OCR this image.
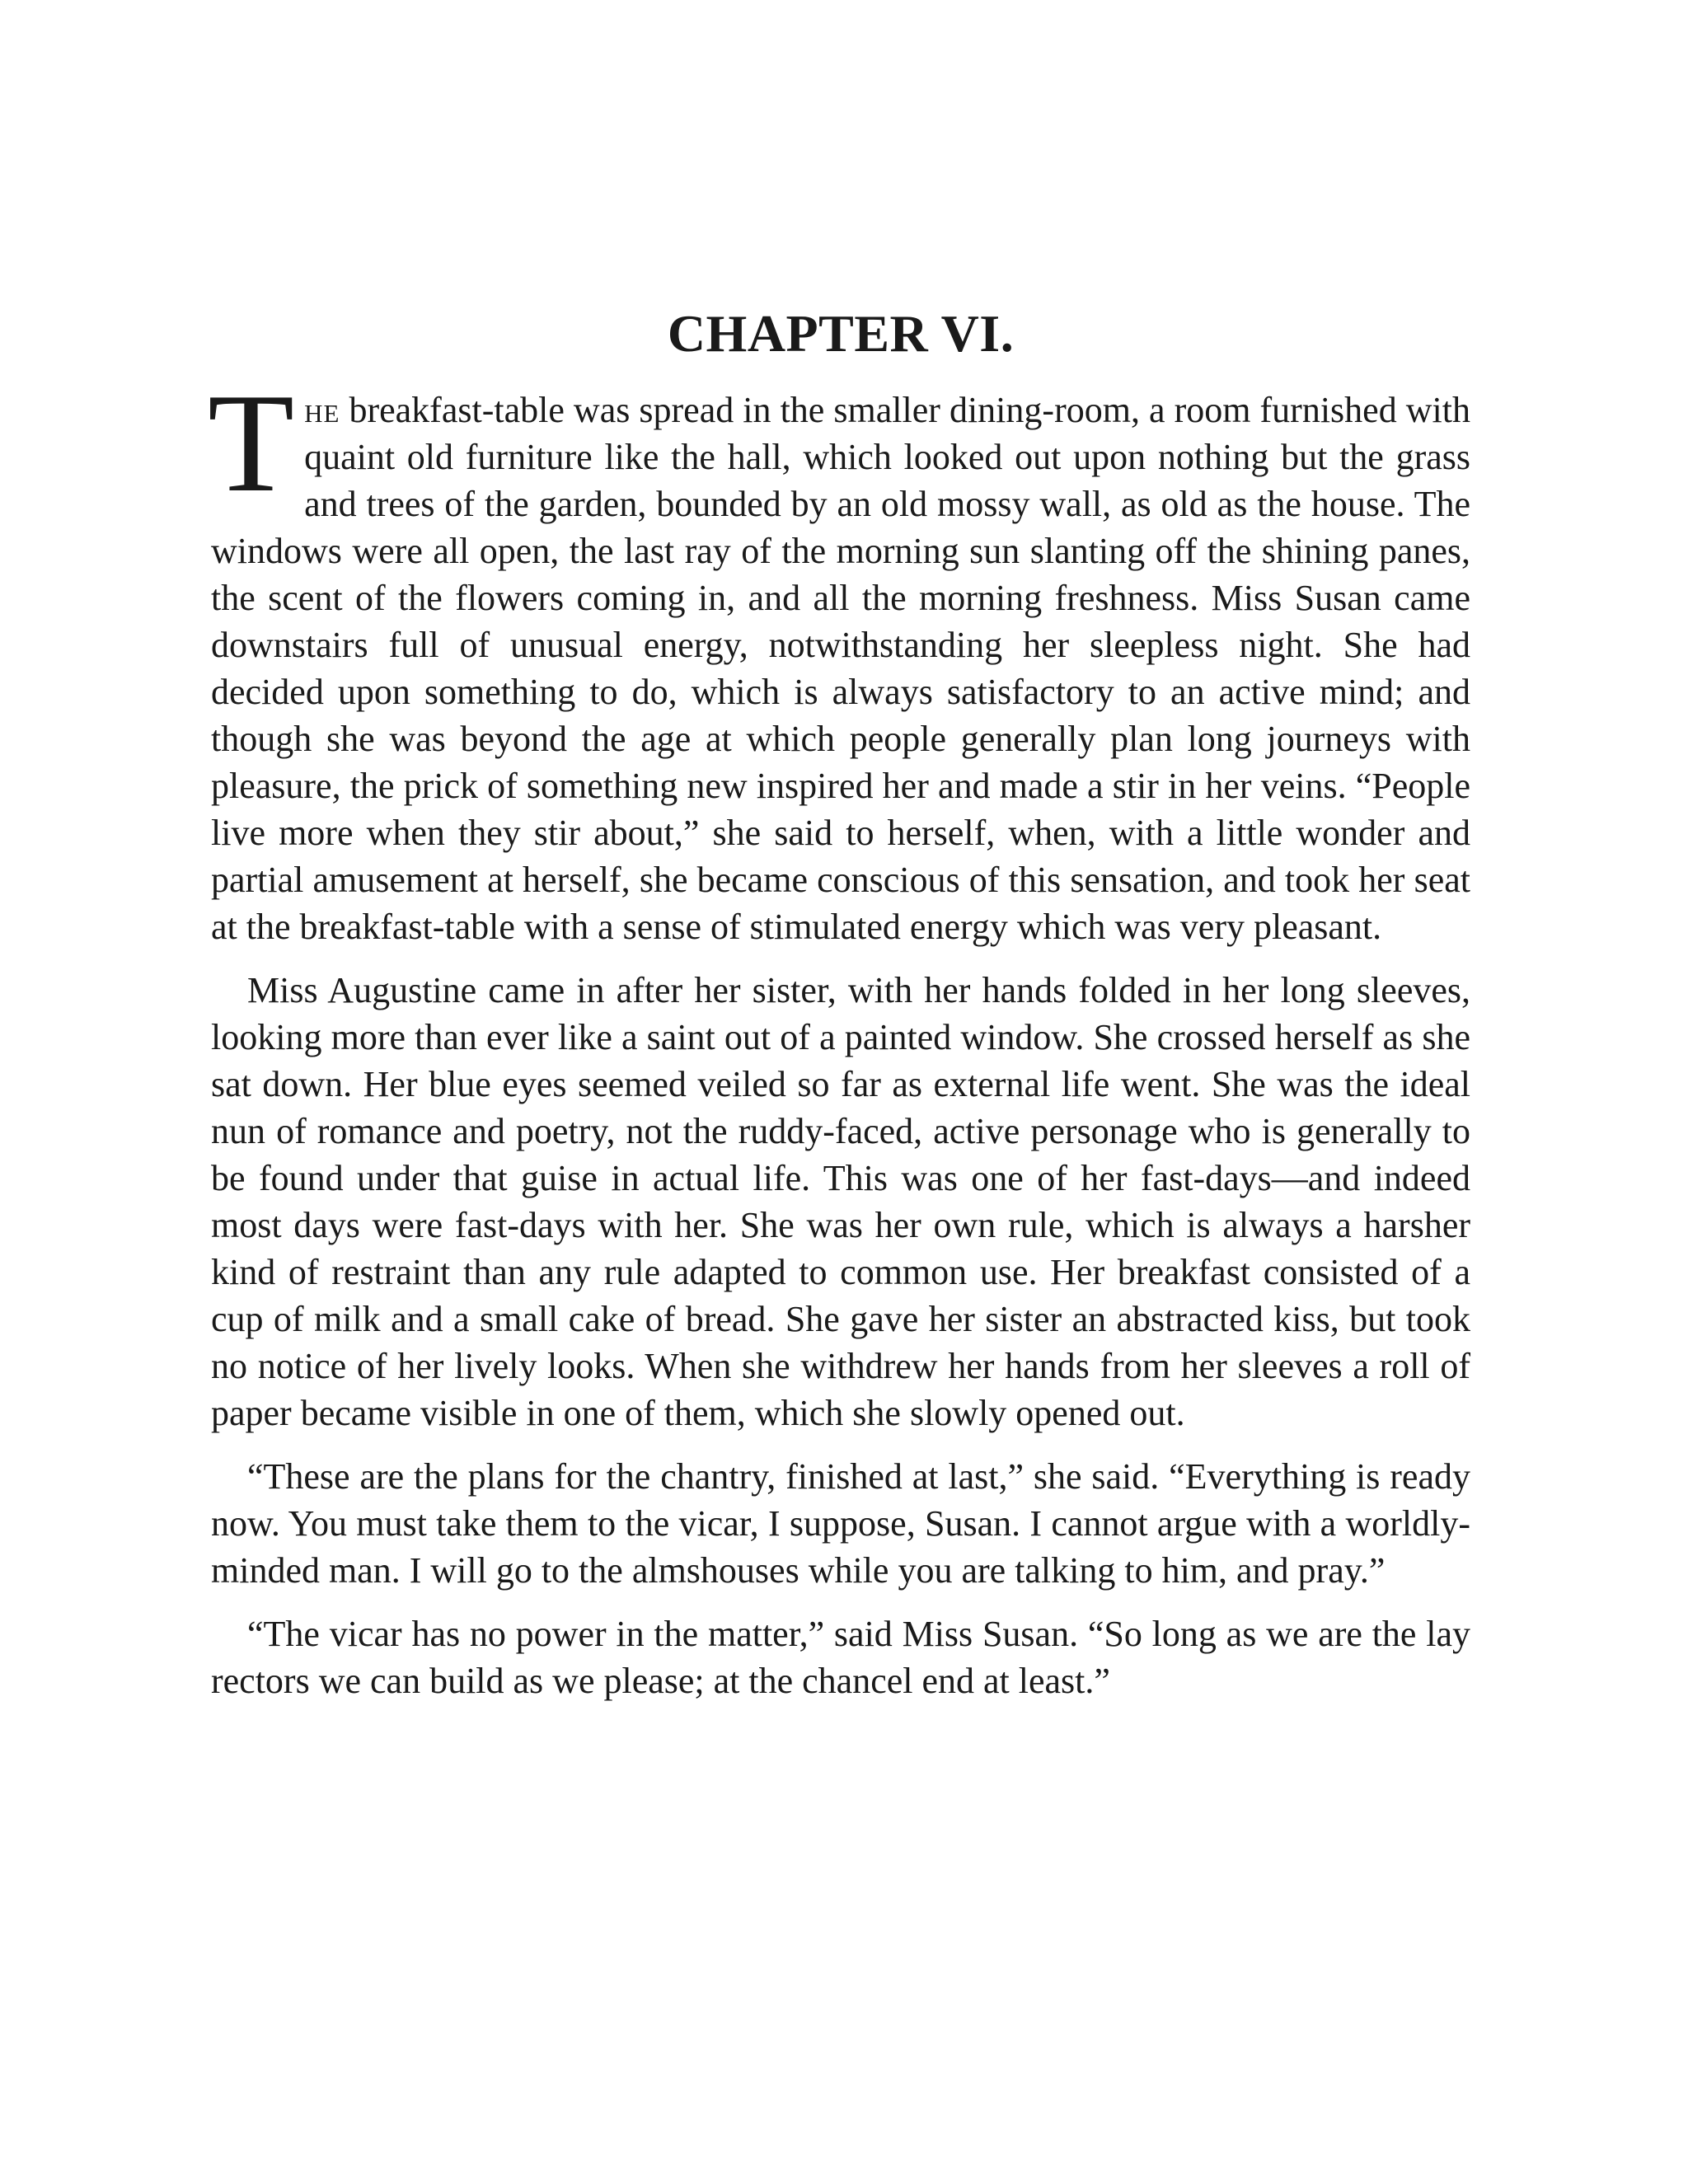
CHAPTER VI.

The breakfast-table was spread in the smaller dining-room, a room furnished with quaint old furniture like the hall, which looked out upon nothing but the grass and trees of the garden, bounded by an old mossy wall, as old as the house. The windows were all open, the last ray of the morning sun slanting off the shining panes, the scent of the flowers coming in, and all the morning freshness. Miss Susan came downstairs full of unusual energy, notwithstanding her sleepless night. She had decided upon something to do, which is always satisfactory to an active mind; and though she was beyond the age at which people generally plan long journeys with pleasure, the prick of something new inspired her and made a stir in her veins. “People live more when they stir about,” she said to herself, when, with a little wonder and partial amusement at herself, she became conscious of this sensation, and took her seat at the breakfast-table with a sense of stimulated energy which was very pleasant.

Miss Augustine came in after her sister, with her hands folded in her long sleeves, looking more than ever like a saint out of a painted window. She crossed herself as she sat down. Her blue eyes seemed veiled so far as external life went. She was the ideal nun of romance and poetry, not the ruddy-faced, active personage who is generally to be found under that guise in actual life. This was one of her fast-days—and indeed most days were fast-days with her. She was her own rule, which is always a harsher kind of restraint than any rule adapted to common use. Her breakfast consisted of a cup of milk and a small cake of bread. She gave her sister an abstracted kiss, but took no notice of her lively looks. When she withdrew her hands from her sleeves a roll of paper became visible in one of them, which she slowly opened out.

“These are the plans for the chantry, finished at last,” she said. “Everything is ready now. You must take them to the vicar, I suppose, Susan. I cannot argue with a worldly-minded man. I will go to the almshouses while you are talking to him, and pray.”

“The vicar has no power in the matter,” said Miss Susan. “So long as we are the lay rectors we can build as we please; at the chancel end at least.”
